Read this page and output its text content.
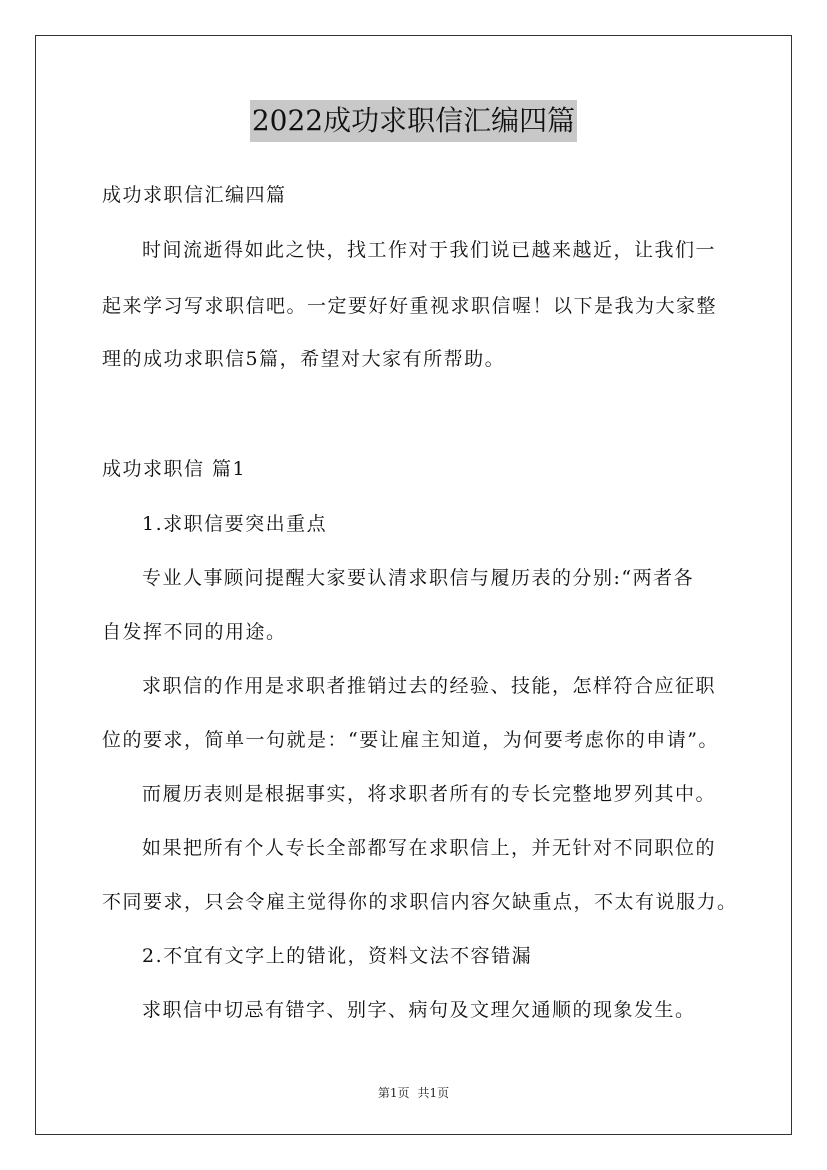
2022成功求职信汇编四篇
成功求职信汇编四篇
时间流逝得如此之快，找工作对于我们说已越来越近，让我们一
起来学习写求职信吧。一定要好好重视求职信喔！以下是我为大家整
理的成功求职信5篇，希望对大家有所帮助。
成功求职信 篇1
1.求职信要突出重点
专业人事顾问提醒大家要认清求职信与履历表的分别:“两者各
自发挥不同的用途。
求职信的作用是求职者推销过去的经验、技能，怎样符合应征职
位的要求，简单一句就是：“要让雇主知道，为何要考虑你的申请”。
而履历表则是根据事实，将求职者所有的专长完整地罗列其中。
如果把所有个人专长全部都写在求职信上，并无针对不同职位的
不同要求，只会令雇主觉得你的求职信内容欠缺重点，不太有说服力。
2.不宜有文字上的错讹，资料文法不容错漏
求职信中切忌有错字、别字、病句及文理欠通顺的现象发生。
第1页 共1页
